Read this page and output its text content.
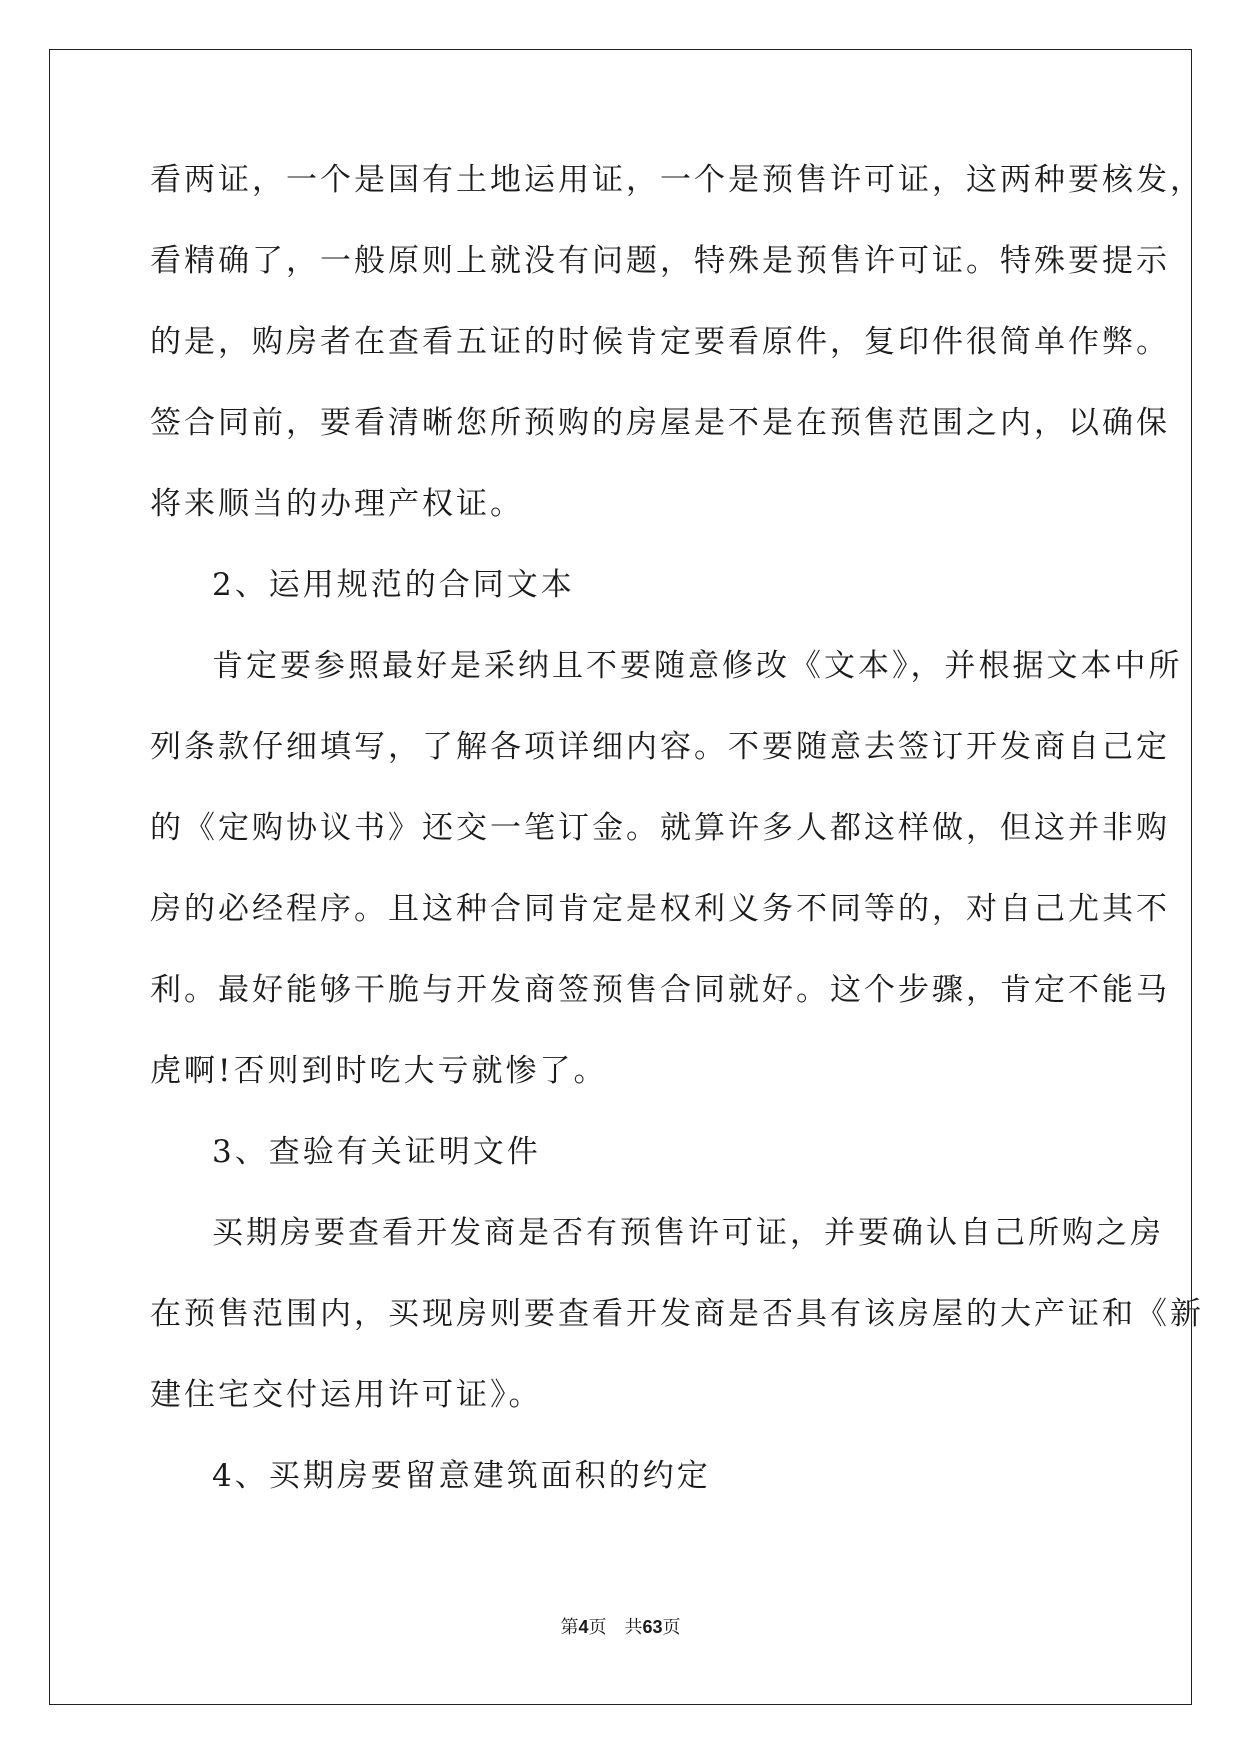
看两证，一个是国有土地运用证，一个是预售许可证，这两种要核发，
看精确了，一般原则上就没有问题，特殊是预售许可证。特殊要提示
的是，购房者在查看五证的时候肯定要看原件，复印件很简单作弊。
签合同前，要看清晰您所预购的房屋是不是在预售范围之内，以确保
将来顺当的办理产权证。
2、运用规范的合同文本
肯定要参照最好是采纳且不要随意修改《文本》，并根据文本中所
列条款仔细填写，了解各项详细内容。不要随意去签订开发商自己定
的《定购协议书》还交一笔订金。就算许多人都这样做，但这并非购
房的必经程序。且这种合同肯定是权利义务不同等的，对自己尤其不
利。最好能够干脆与开发商签预售合同就好。这个步骤，肯定不能马
虎啊!否则到时吃大亏就惨了。
3、查验有关证明文件
买期房要查看开发商是否有预售许可证，并要确认自己所购之房
在预售范围内，买现房则要查看开发商是否具有该房屋的大产证和《新
建住宅交付运用许可证》。
4、买期房要留意建筑面积的约定
第4页 共63页
